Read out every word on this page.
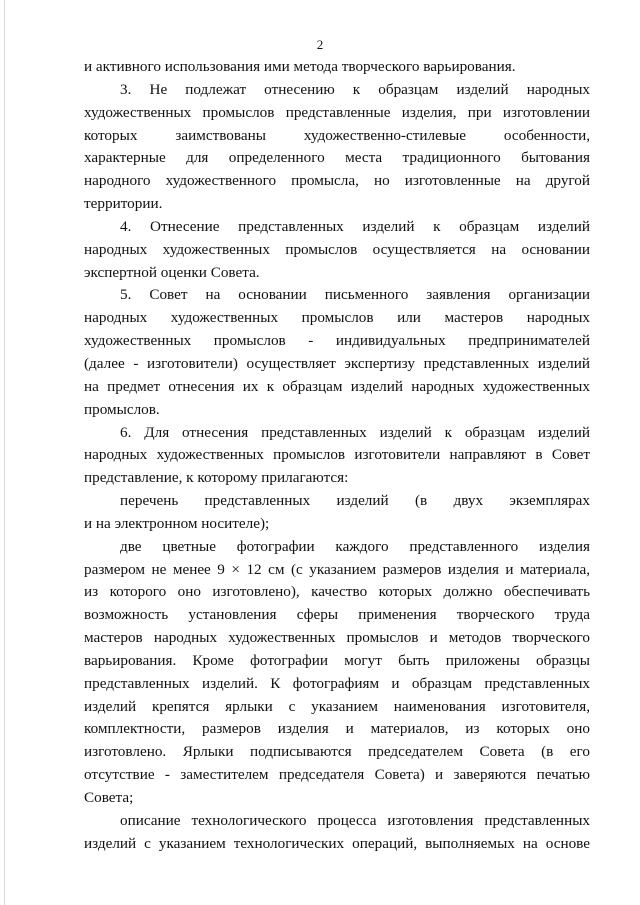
2
и активного использования ими метода творческого варьирования.
3. Не подлежат отнесению к образцам изделий народных
художественных промыслов представленные изделия, при изготовлении
которых заимствованы художественно-стилевые особенности,
характерные для определенного места традиционного бытования
народного художественного промысла, но изготовленные на другой
территории.
4. Отнесение представленных изделий к образцам изделий
народных художественных промыслов осуществляется на основании
экспертной оценки Совета.
5. Совет на основании письменного заявления организации
народных художественных промыслов или мастеров народных
художественных промыслов - индивидуальных предпринимателей
(далее - изготовители) осуществляет экспертизу представленных изделий
на предмет отнесения их к образцам изделий народных художественных
промыслов.
6. Для отнесения представленных изделий к образцам изделий
народных художественных промыслов изготовители направляют в Совет
представление, к которому прилагаются:
перечень представленных изделий (в двух экземплярах
и на электронном носителе);
две цветные фотографии каждого представленного изделия
размером не менее 9 × 12 см (с указанием размеров изделия и материала,
из которого оно изготовлено), качество которых должно обеспечивать
возможность установления сферы применения творческого труда
мастеров народных художественных промыслов и методов творческого
варьирования. Кроме фотографии могут быть приложены образцы
представленных изделий. К фотографиям и образцам представленных
изделий крепятся ярлыки с указанием наименования изготовителя,
комплектности, размеров изделия и материалов, из которых оно
изготовлено. Ярлыки подписываются председателем Совета (в его
отсутствие - заместителем председателя Совета) и заверяются печатью
Совета;
описание технологического процесса изготовления представленных
изделий с указанием технологических операций, выполняемых на основе
